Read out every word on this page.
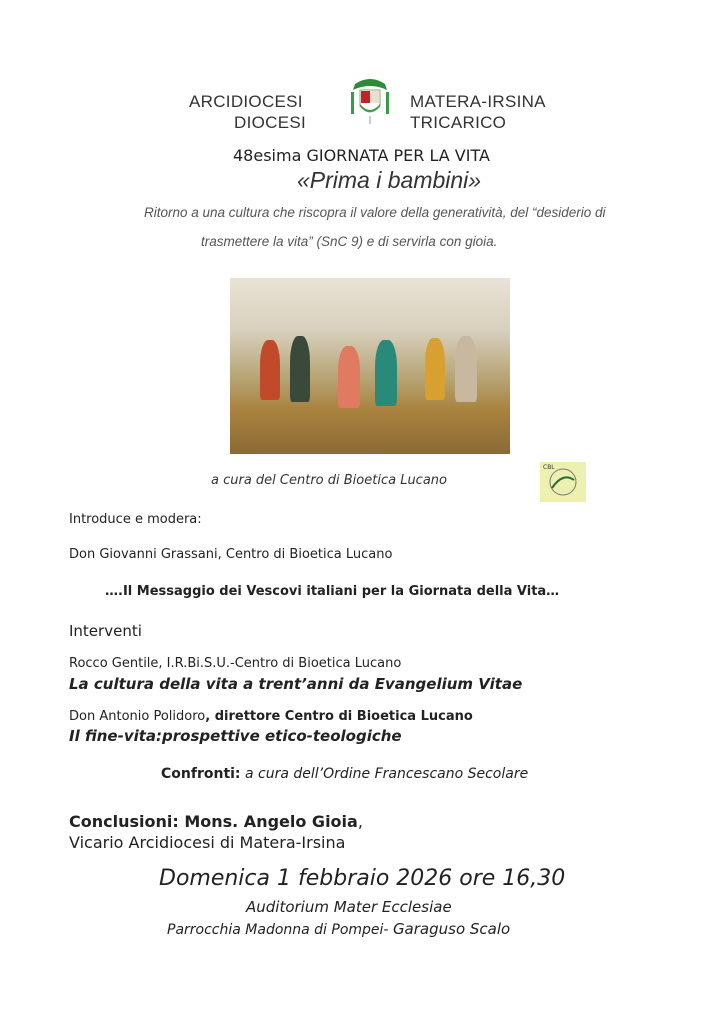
ARCIDIOCESI
DIOCESI
MATERA-IRSINA
TRICARICO
48esima GIORNATA PER LA VITA
«Prima i bambini»
Ritorno a una cultura che riscopra il valore della generatività, del “desiderio di
trasmettere la vita” (SnC 9) e di servirla con gioia.
a cura del Centro di Bioetica Lucano
CBL
Introduce e modera:
Don Giovanni Grassani, Centro di Bioetica Lucano
….Il Messaggio dei Vescovi italiani per la Giornata della Vita…
Interventi
Rocco Gentile, I.R.Bi.S.U.-Centro di Bioetica Lucano
La cultura della vita a trent’anni da Evangelium Vitae
Don Antonio Polidoro, direttore Centro di Bioetica Lucano
Il fine-vita:prospettive etico-teologiche
Confronti: a cura dell’Ordine Francescano Secolare
Conclusioni: Mons. Angelo Gioia,
Vicario Arcidiocesi di Matera-Irsina
Domenica 1 febbraio 2026 ore 16,30
Auditorium Mater Ecclesiae
Parrocchia Madonna di Pompei- Garaguso Scalo
